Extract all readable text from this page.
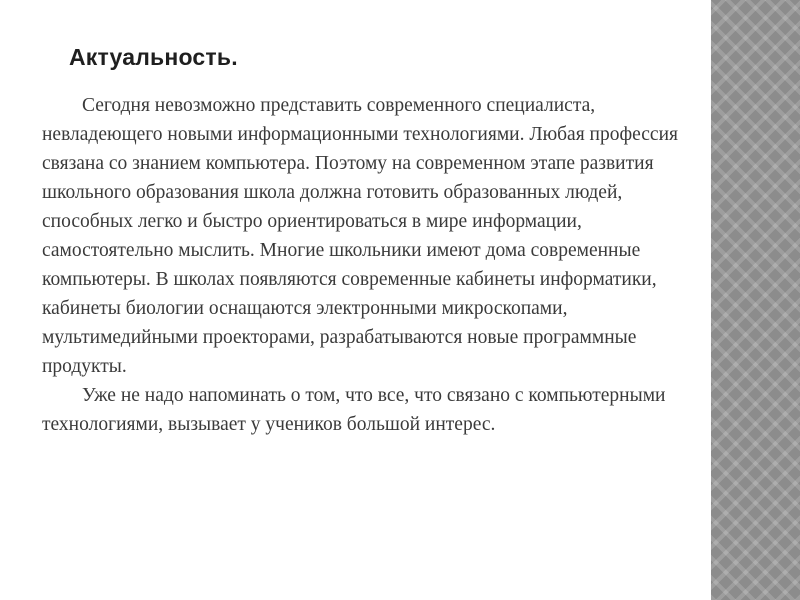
Актуальность.

Сегодня невозможно представить современного специалиста, невладеющего новыми информационными технологиями. Любая профессия связана со знанием компьютера. Поэтому на современном этапе развития школьного образования школа должна готовить образованных людей, способных легко и быстро ориентироваться в мире информации, самостоятельно мыслить. Многие школьники имеют дома современные компьютеры. В школах появляются современные кабинеты информатики, кабинеты биологии оснащаются электронными микроскопами, мультимедийными проекторами, разрабатываются новые программные продукты.

Уже не надо напоминать о том, что все, что связано с компьютерными технологиями, вызывает у учеников большой интерес.
